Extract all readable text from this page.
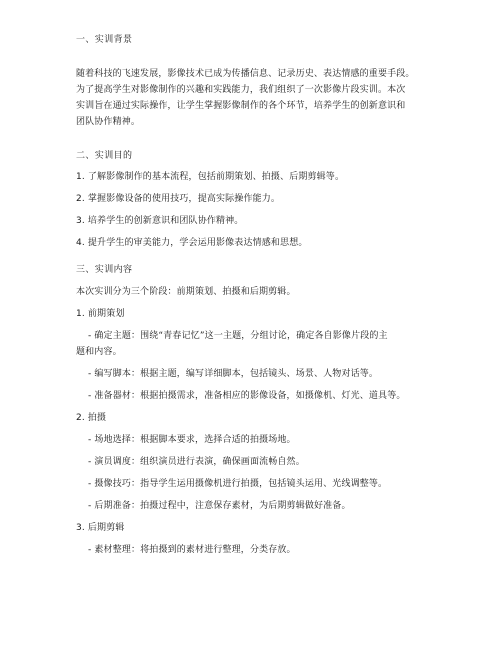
一、实训背景
随着科技的飞速发展，影像技术已成为传播信息、记录历史、表达情感的重要手段。
为了提高学生对影像制作的兴趣和实践能力，我们组织了一次影像片段实训。本次
实训旨在通过实际操作，让学生掌握影像制作的各个环节，培养学生的创新意识和
团队协作精神。
二、实训目的
1. 了解影像制作的基本流程，包括前期策划、拍摄、后期剪辑等。
2. 掌握影像设备的使用技巧，提高实际操作能力。
3. 培养学生的创新意识和团队协作精神。
4. 提升学生的审美能力，学会运用影像表达情感和思想。
三、实训内容
本次实训分为三个阶段：前期策划、拍摄和后期剪辑。
1. 前期策划
- 确定主题：围绕“青春记忆”这一主题，分组讨论，确定各自影像片段的主
题和内容。
- 编写脚本：根据主题，编写详细脚本，包括镜头、场景、人物对话等。
- 准备器材：根据拍摄需求，准备相应的影像设备，如摄像机、灯光、道具等。
2. 拍摄
- 场地选择：根据脚本要求，选择合适的拍摄场地。
- 演员调度：组织演员进行表演，确保画面流畅自然。
- 摄像技巧：指导学生运用摄像机进行拍摄，包括镜头运用、光线调整等。
- 后期准备：拍摄过程中，注意保存素材，为后期剪辑做好准备。
3. 后期剪辑
- 素材整理：将拍摄到的素材进行整理，分类存放。
